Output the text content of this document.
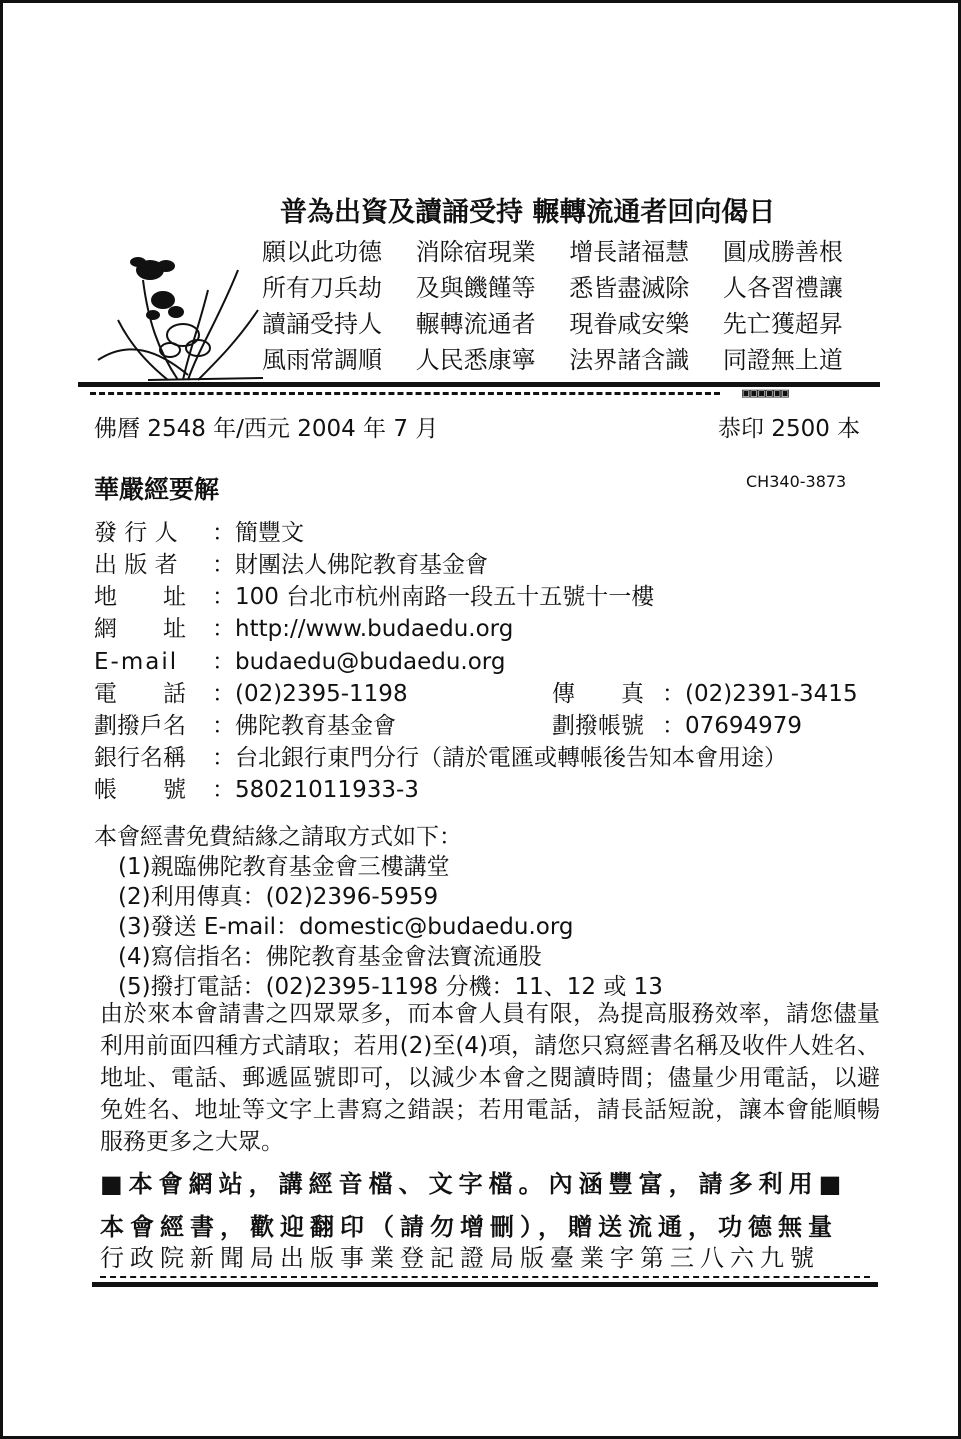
普為出資及讀誦受持 輾轉流通者回向偈日
願以此功德 消除宿現業 增長諸福慧 圓成勝善根
所有刀兵劫 及與饑饉等 悉皆盡滅除 人各習禮讓
讀誦受持人 輾轉流通者 現眷咸安樂 先亡獲超昇
風雨常調順 人民悉康寧 法界諸含識 同證無上道
▣▣▣▣▣▣
佛曆 2548 年/西元 2004 年 7 月	恭印 2500 本
華嚴經要解	CH340-3873
發 行 人 ：簡豐文
出 版 者 ：財團法人佛陀教育基金會
地　　址 ：100 台北市杭州南路一段五十五號十一樓
網　　址 ：http://www.budaedu.org
E-mail ：budaedu@budaedu.org
電　　話 ：(02)2395-1198	傳　　真 ：(02)2391-3415
劃撥戶名 ：佛陀教育基金會	劃撥帳號 ：07694979
銀行名稱 ：台北銀行東門分行（請於電匯或轉帳後告知本會用途）
帳　　號 ：58021011933-3
本會經書免費結緣之請取方式如下：
(1)親臨佛陀教育基金會三樓講堂
(2)利用傳真：(02)2396-5959
(3)發送 E-mail：domestic@budaedu.org
(4)寫信指名：佛陀教育基金會法寶流通股
(5)撥打電話：(02)2395-1198 分機：11、12 或 13
由於來本會請書之四眾眾多，而本會人員有限，為提高服務效率，請您儘量利用前面四種方式請取；若用(2)至(4)項，請您只寫經書名稱及收件人姓名、地址、電話、郵遞區號即可，以減少本會之閱讀時間；儘量少用電話，以避免姓名、地址等文字上書寫之錯誤；若用電話，請長話短說，讓本會能順暢服務更多之大眾。
■本會網站，講經音檔、文字檔。內涵豐富，請多利用■
本會經書，歡迎翻印（請勿增刪），贈送流通，功德無量
行政院新聞局出版事業登記證局版臺業字第三八六九號
